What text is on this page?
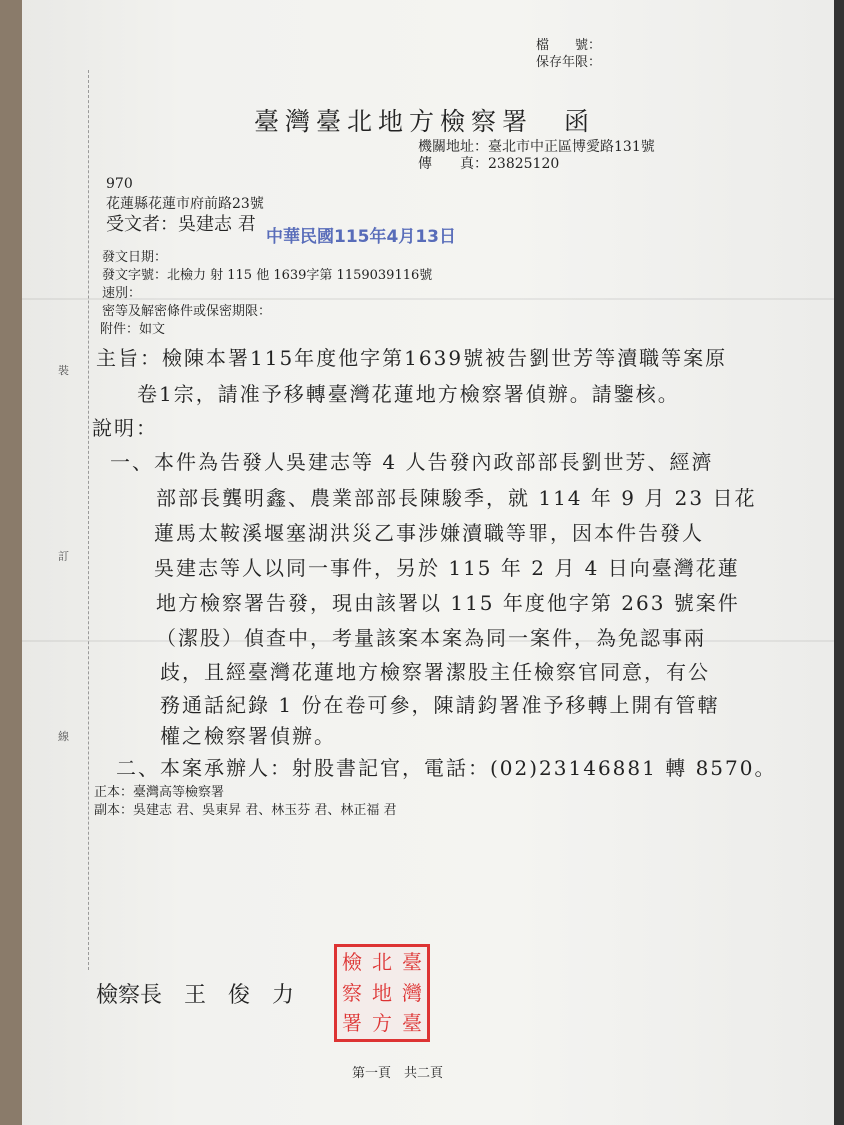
裝
訂
線
檔　　號：
保存年限：
臺灣臺北地方檢察署　函
機關地址：臺北市中正區博愛路131號
傳　　真：23825120
970
花蓮縣花蓮市府前路23號
受文者：吳建志 君
中華民國115年4月13日
發文日期：
發文字號：北檢力 射 115 他 1639字第 1159039116號
速別：
密等及解密條件或保密期限：
附件：如文
主旨：檢陳本署115年度他字第1639號被告劉世芳等瀆職等案原
卷1宗，請准予移轉臺灣花蓮地方檢察署偵辦。請鑒核。
說明：
一、本件為告發人吳建志等 4 人告發內政部部長劉世芳、經濟
部部長龔明鑫、農業部部長陳駿季，就 114 年 9 月 23 日花
蓮馬太鞍溪堰塞湖洪災乙事涉嫌瀆職等罪，因本件告發人
吳建志等人以同一事件，另於 115 年 2 月 4 日向臺灣花蓮
地方檢察署告發，現由該署以 115 年度他字第 263 號案件
（潔股）偵查中，考量該案本案為同一案件，為免認事兩
歧，且經臺灣花蓮地方檢察署潔股主任檢察官同意，有公
務通話紀錄 1 份在卷可參，陳請鈞署准予移轉上開有管轄
權之檢察署偵辦。
二、本案承辦人：射股書記官，電話：(02)23146881 轉 8570。
正本：臺灣高等檢察署
副本：吳建志 君、吳東昇 君、林玉芬 君、林正福 君
檢察長　王　俊　力
檢 北 臺
察 地 灣
署 方 臺
第一頁　共二頁
